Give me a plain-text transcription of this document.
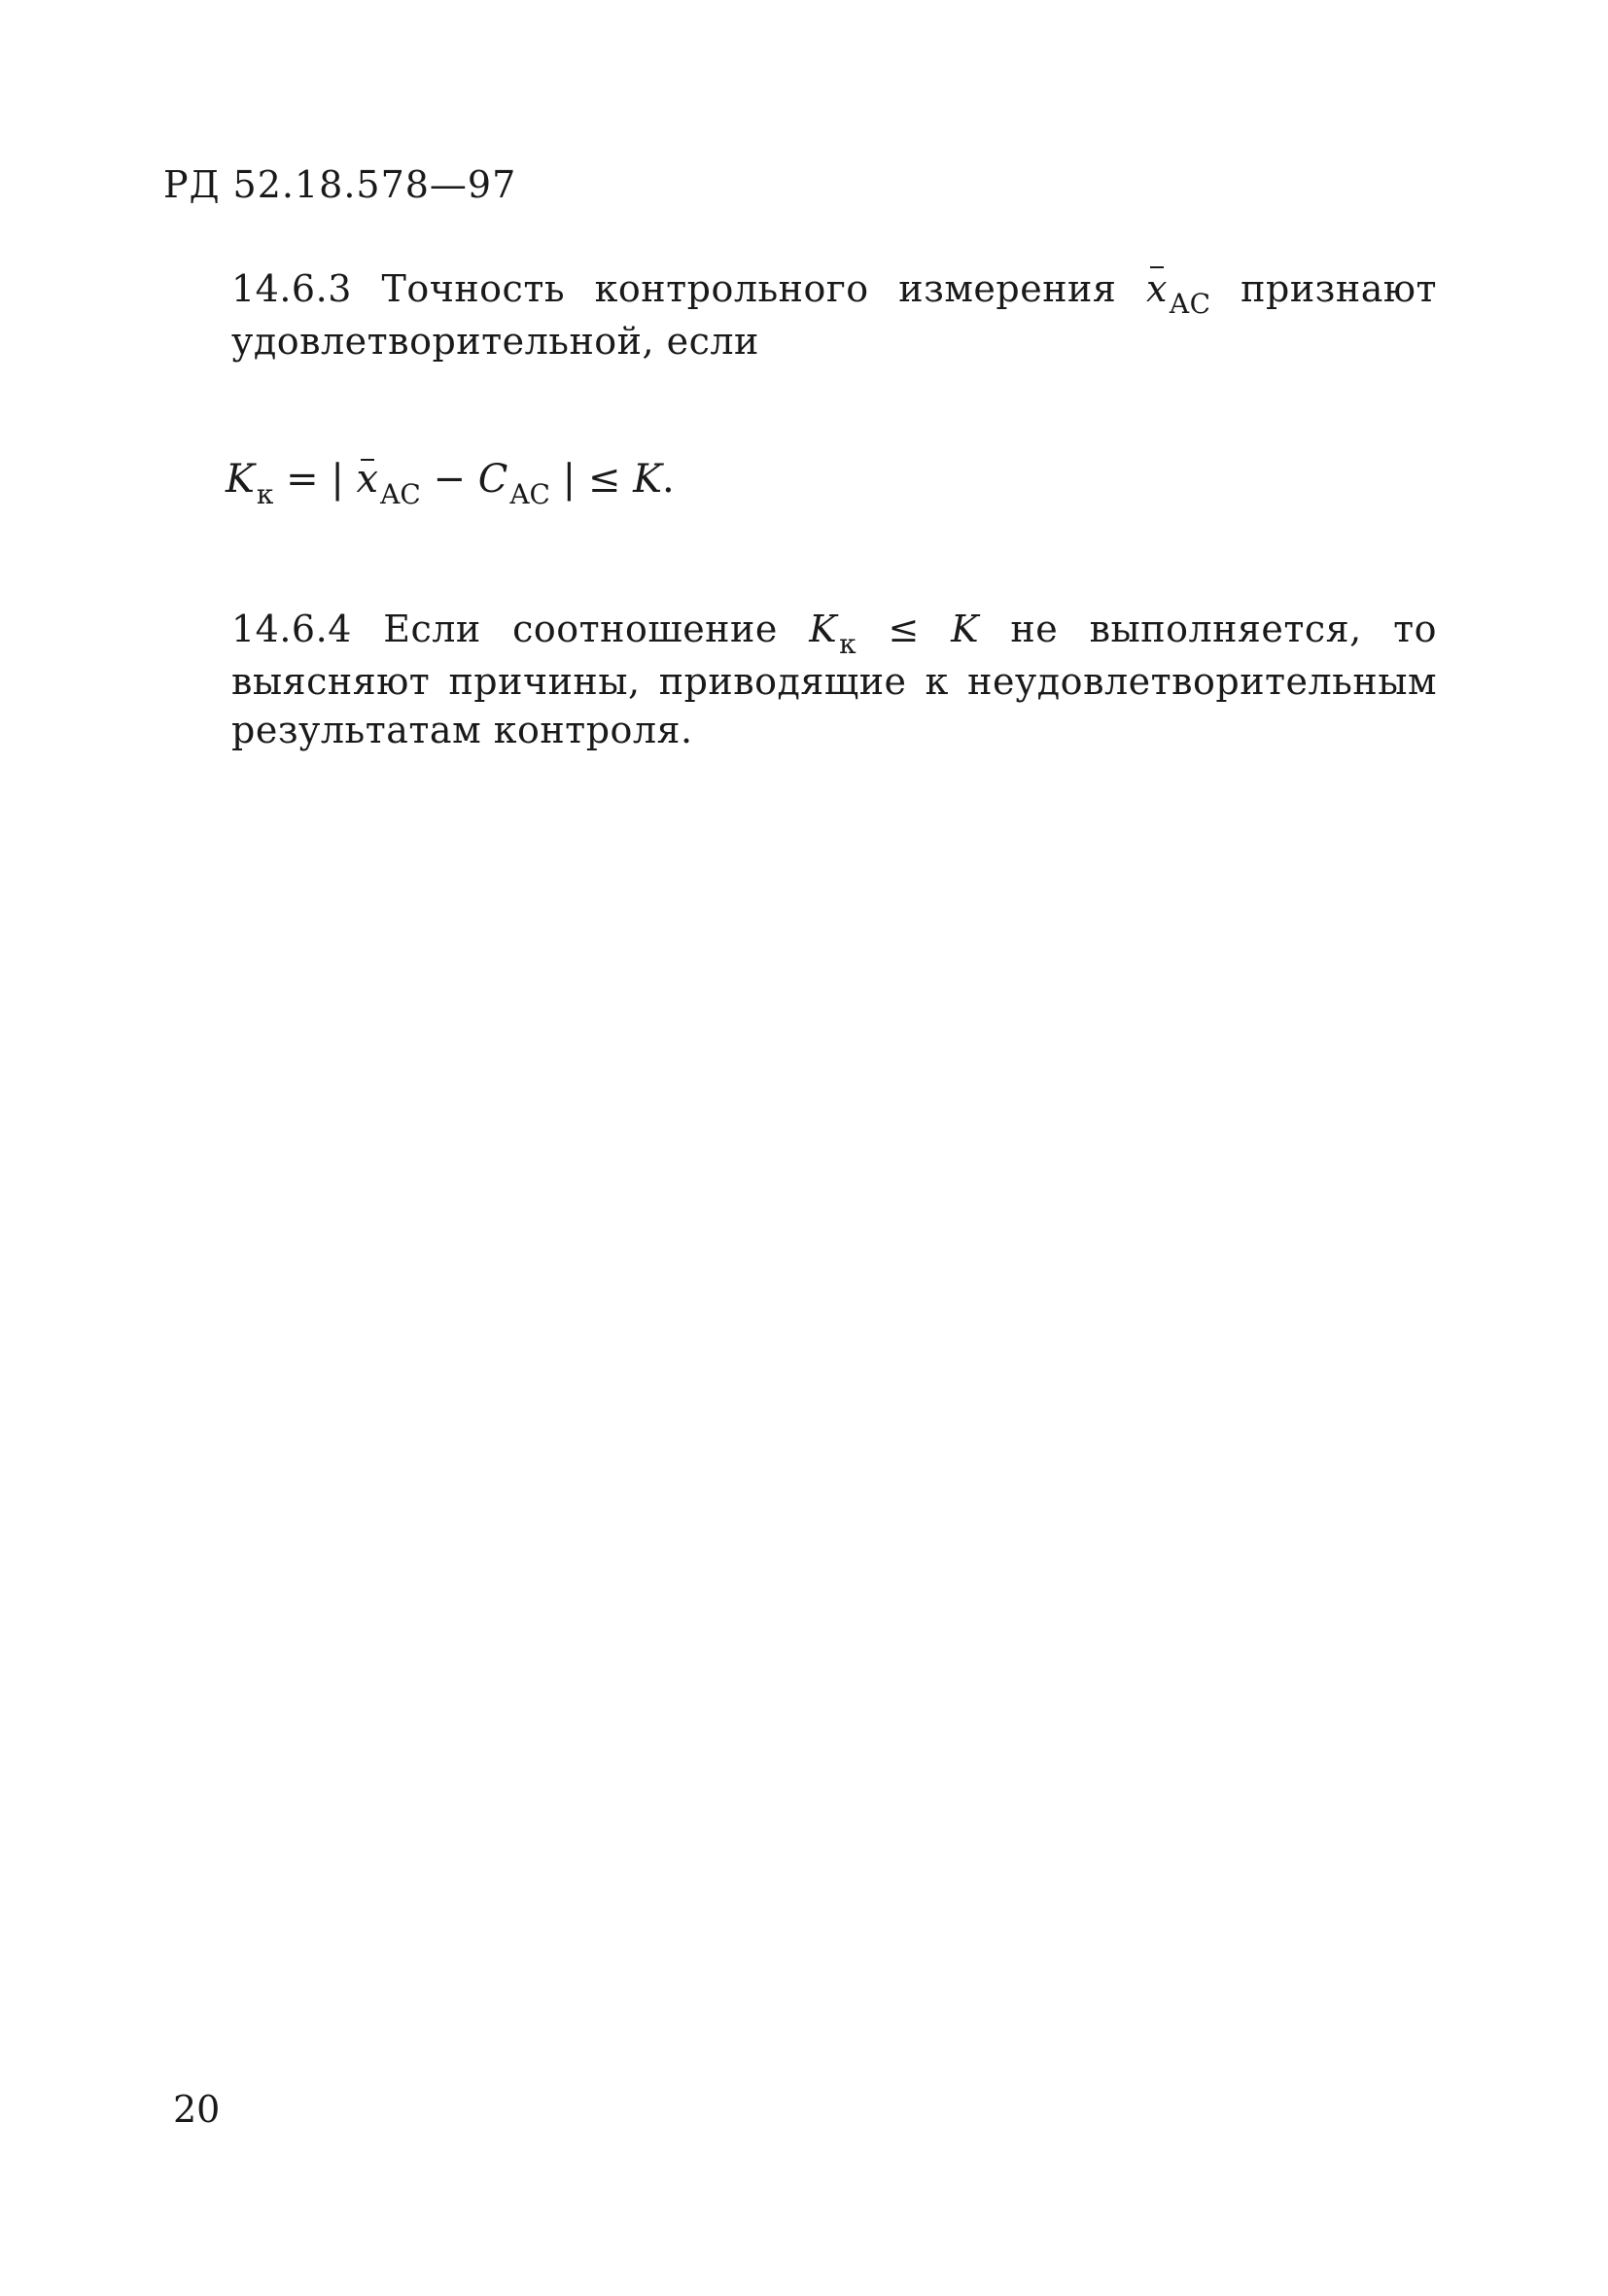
РД 52.18.578—97
14.6.3 Точность контрольного измерения $x_{AC}$ признают удовлетворительной, если
$K_к$ = | $x_{AC} - C_{AC}$ | ≤ K.
14.6.4 Если соотношение $K_к \le K$ не выполняется, то выясняют причины, приводящие к неудовлетворительным результатам контроля.
20
